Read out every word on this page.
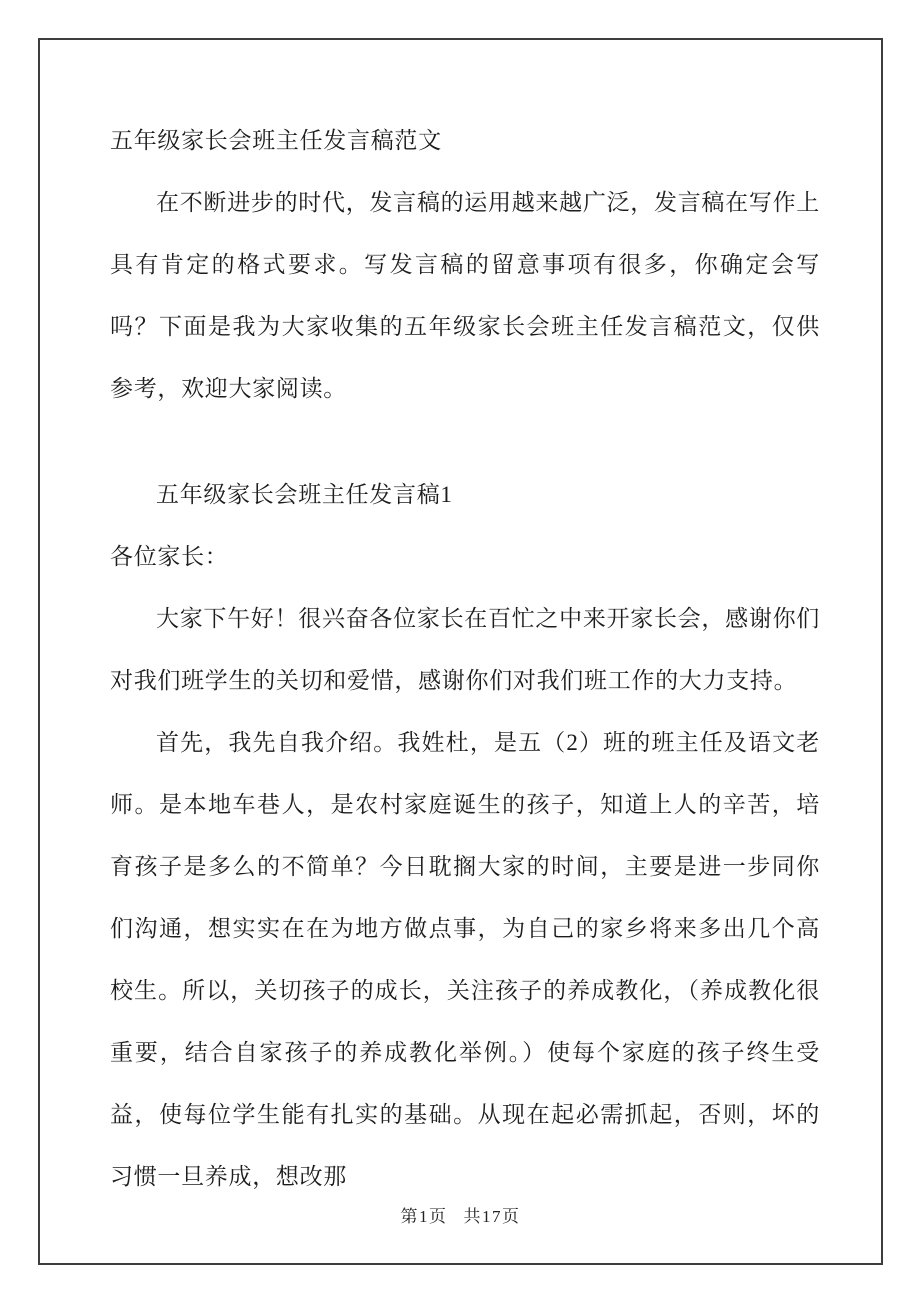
五年级家长会班主任发言稿范文
在不断进步的时代，发言稿的运用越来越广泛，发言稿在写作上具有肯定的格式要求。写发言稿的留意事项有很多，你确定会写吗？下面是我为大家收集的五年级家长会班主任发言稿范文，仅供参考，欢迎大家阅读。
五年级家长会班主任发言稿1
各位家长：
大家下午好！很兴奋各位家长在百忙之中来开家长会，感谢你们对我们班学生的关切和爱惜，感谢你们对我们班工作的大力支持。
首先，我先自我介绍。我姓杜，是五（2）班的班主任及语文老师。是本地车巷人，是农村家庭诞生的孩子，知道上人的辛苦，培育孩子是多么的不简单？今日耽搁大家的时间，主要是进一步同你们沟通，想实实在在为地方做点事，为自己的家乡将来多出几个高校生。所以，关切孩子的成长，关注孩子的养成教化，（养成教化很重要，结合自家孩子的养成教化举例。）使每个家庭的孩子终生受益，使每位学生能有扎实的基础。从现在起必需抓起，否则，坏的习惯一旦养成，想改那
第1页 共17页
